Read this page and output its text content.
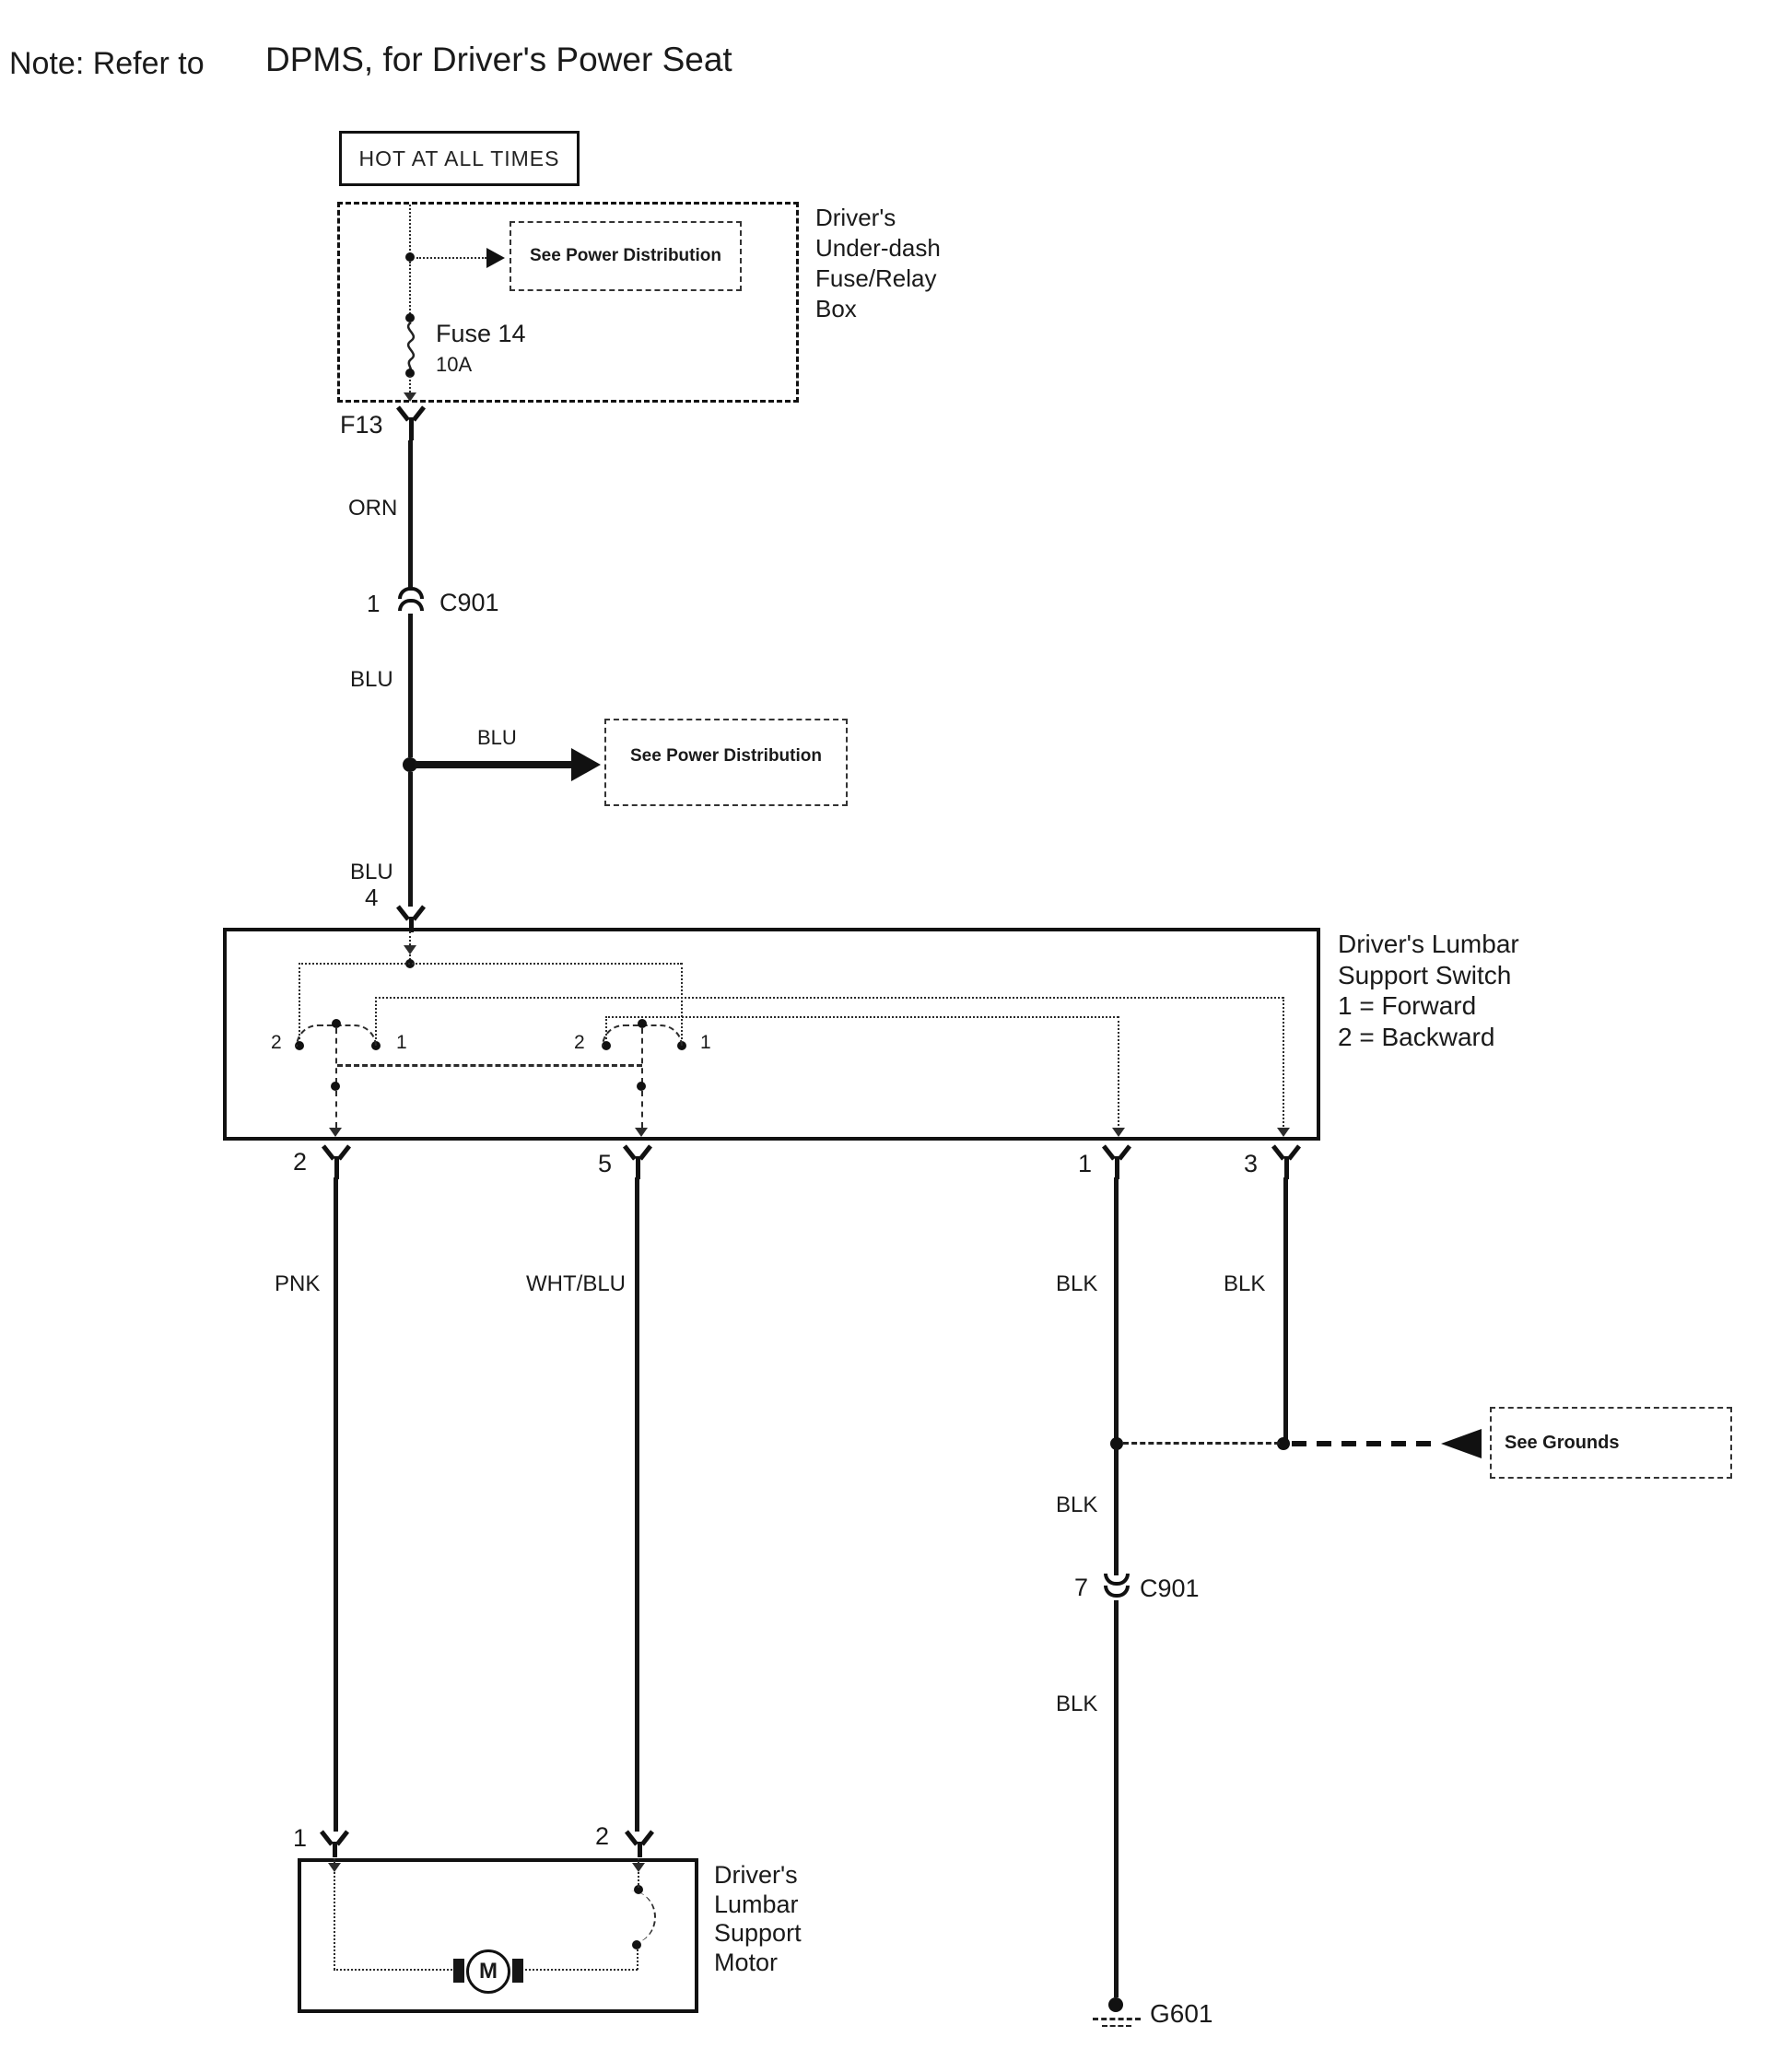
Note: Refer to DPMS, for Driver's Power Seat
HOT AT ALL TIMES
Driver's
Under-dash
Fuse/Relay
Box
See Power Distribution
Fuse 14
10A
F13
ORN
1 C901
BLU
BLU
See Power Distribution
BLU
4
Driver's Lumbar
Support Switch
1 = Forward
2 = Backward
2	1	2	1
2	5	1	3
PNK	WHT/BLU	BLK	BLK
See Grounds
BLK
7 C901
BLK
G601
1	2
Driver's
Lumbar
Support
Motor
M
